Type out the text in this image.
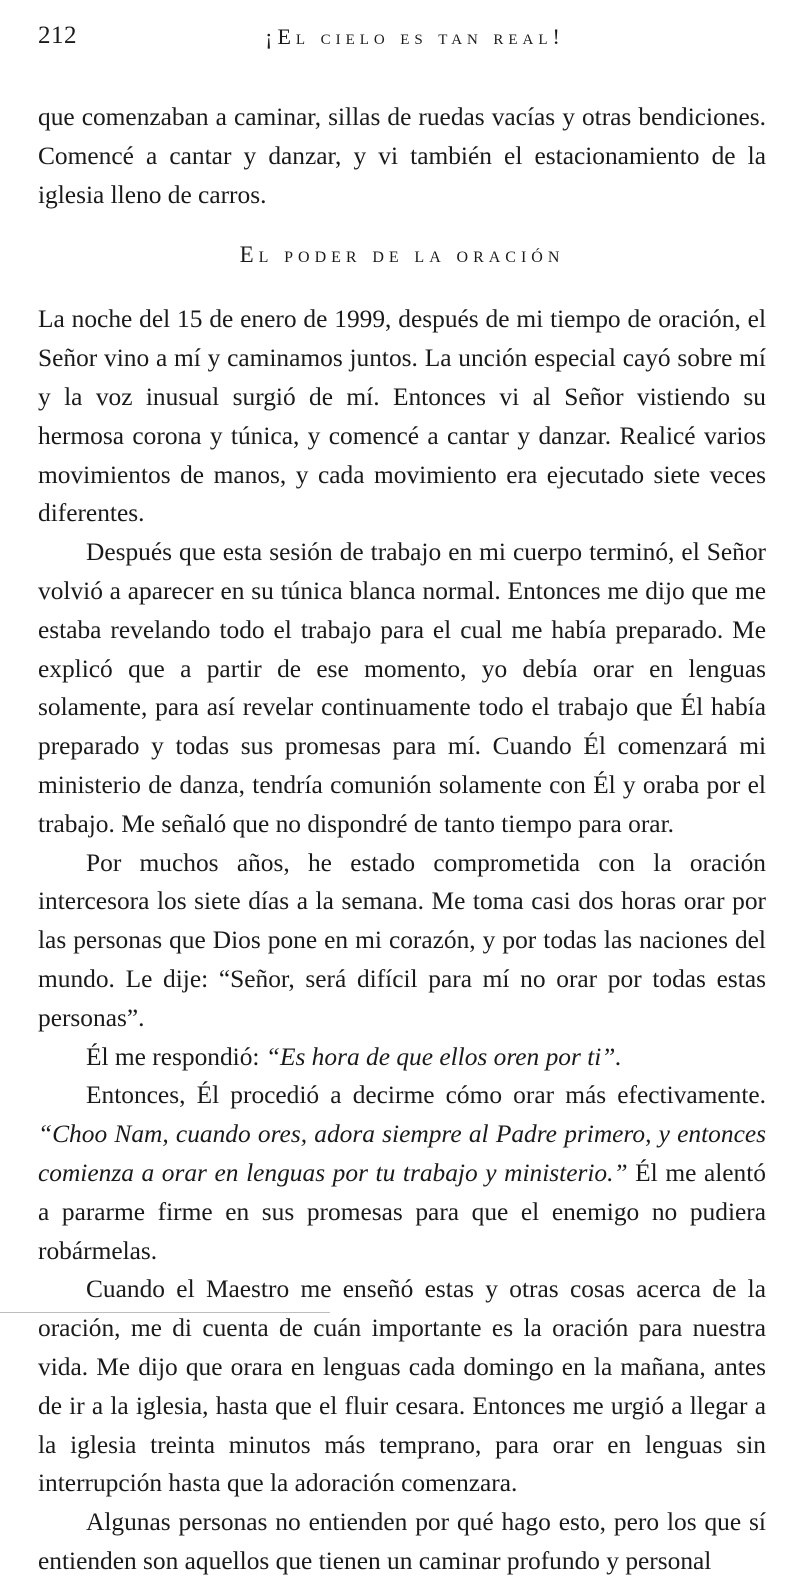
212	¡El cielo es tan real!

que comenzaban a caminar, sillas de ruedas vacías y otras bendiciones. Comencé a cantar y danzar, y vi también el estacionamiento de la iglesia lleno de carros.

El poder de la oración

La noche del 15 de enero de 1999, después de mi tiempo de oración, el Señor vino a mí y caminamos juntos. La unción especial cayó sobre mí y la voz inusual surgió de mí. Entonces vi al Señor vistiendo su hermosa corona y túnica, y comencé a cantar y danzar. Realicé varios movimientos de manos, y cada movimiento era ejecutado siete veces diferentes.

Después que esta sesión de trabajo en mi cuerpo terminó, el Señor volvió a aparecer en su túnica blanca normal. Entonces me dijo que me estaba revelando todo el trabajo para el cual me había preparado. Me explicó que a partir de ese momento, yo debía orar en lenguas solamente, para así revelar continuamente todo el trabajo que Él había preparado y todas sus promesas para mí. Cuando Él comenzará mi ministerio de danza, tendría comunión solamente con Él y oraba por el trabajo. Me señaló que no dispondré de tanto tiempo para orar.

Por muchos años, he estado comprometida con la oración intercesora los siete días a la semana. Me toma casi dos horas orar por las personas que Dios pone en mi corazón, y por todas las naciones del mundo. Le dije: “Señor, será difícil para mí no orar por todas estas personas”.

Él me respondió: “Es hora de que ellos oren por ti”.

Entonces, Él procedió a decirme cómo orar más efectivamente. “Choo Nam, cuando ores, adora siempre al Padre primero, y entonces comienza a orar en lenguas por tu trabajo y ministerio.” Él me alentó a pararme firme en sus promesas para que el enemigo no pudiera robármelas.

Cuando el Maestro me enseñó estas y otras cosas acerca de la oración, me di cuenta de cuán importante es la oración para nuestra vida. Me dijo que orara en lenguas cada domingo en la mañana, antes de ir a la iglesia, hasta que el fluir cesara. Entonces me urgió a llegar a la iglesia treinta minutos más temprano, para orar en lenguas sin interrupción hasta que la adoración comenzara.

Algunas personas no entienden por qué hago esto, pero los que sí entienden son aquellos que tienen un caminar profundo y personal
